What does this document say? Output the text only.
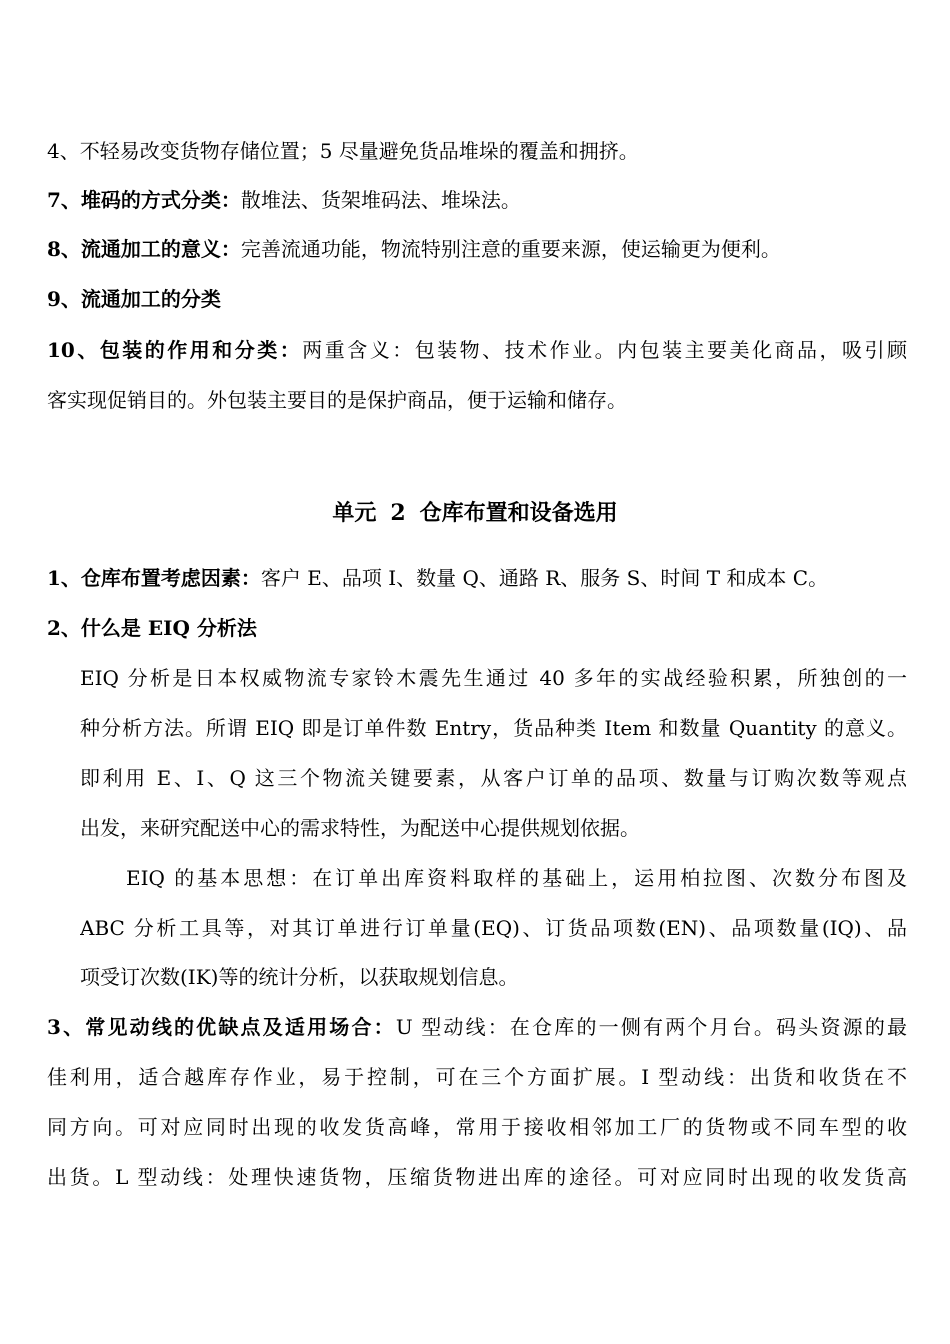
4、不轻易改变货物存储位置；5 尽量避免货品堆垛的覆盖和拥挤。
7、堆码的方式分类：散堆法、货架堆码法、堆垛法。
8、流通加工的意义：完善流通功能，物流特别注意的重要来源，使运输更为便利。
9、流通加工的分类
10、包装的作用和分类：两重含义：包装物、技术作业。内包装主要美化商品，吸引顾
客实现促销目的。外包装主要目的是保护商品，便于运输和储存。
单元 2 仓库布置和设备选用
1、仓库布置考虑因素：客户 E、品项 I、数量 Q、通路 R、服务 S、时间 T 和成本 C。
2、什么是 EIQ 分析法
EIQ 分析是日本权威物流专家铃木震先生通过 40 多年的实战经验积累，所独创的一
种分析方法。所谓 EIQ 即是订单件数 Entry，货品种类 Item 和数量 Quantity 的意义。
即利用 E、I、Q 这三个物流关键要素，从客户订单的品项、数量与订购次数等观点
出发，来研究配送中心的需求特性，为配送中心提供规划依据。
EIQ 的基本思想：在订单出库资料取样的基础上，运用柏拉图、次数分布图及
ABC 分析工具等，对其订单进行订单量(EQ)、订货品项数(EN)、品项数量(IQ)、品
项受订次数(IK)等的统计分析，以获取规划信息。
3、常见动线的优缺点及适用场合：U 型动线：在仓库的一侧有两个月台。码头资源的最
佳利用，适合越库存作业，易于控制，可在三个方面扩展。I 型动线：出货和收货在不
同方向。可对应同时出现的收发货高峰，常用于接收相邻加工厂的货物或不同车型的收
出货。L 型动线：处理快速货物，压缩货物进出库的途径。可对应同时出现的收发货高
